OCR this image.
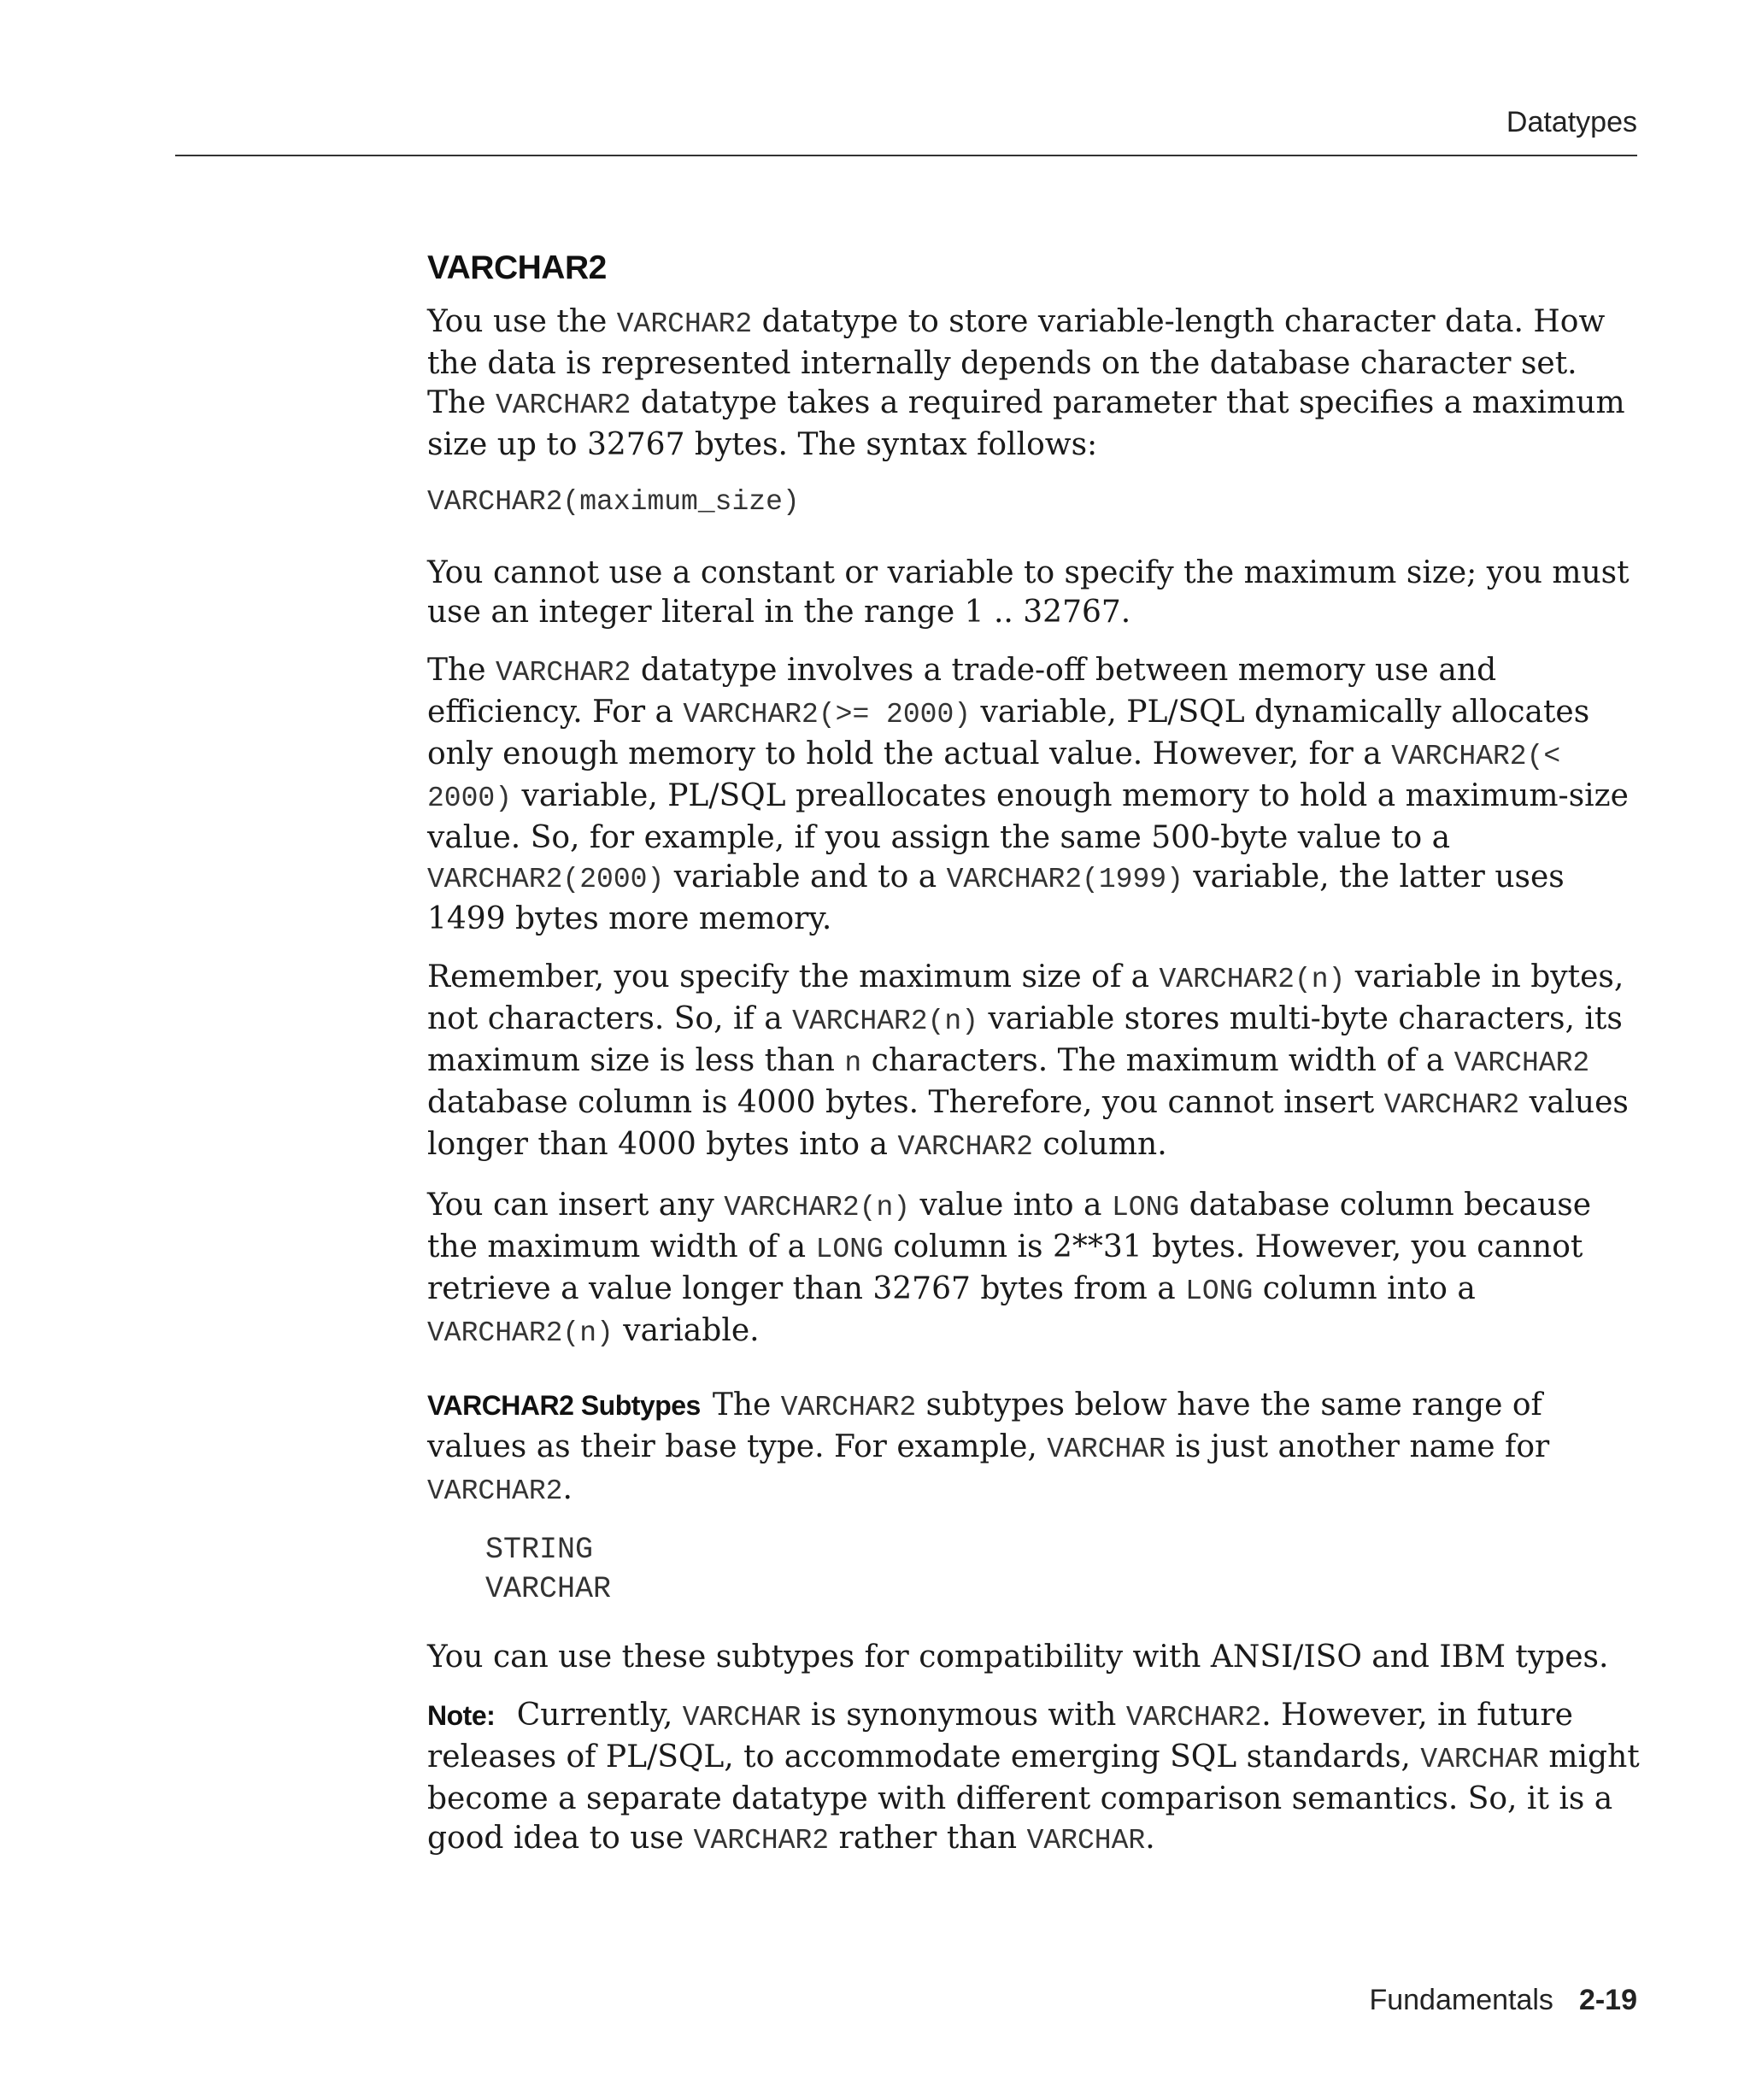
Datatypes
VARCHAR2

You use the VARCHAR2 datatype to store variable-length character data. How the data is represented internally depends on the database character set. The VARCHAR2 datatype takes a required parameter that specifies a maximum size up to 32767 bytes. The syntax follows:

VARCHAR2(maximum_size)

You cannot use a constant or variable to specify the maximum size; you must use an integer literal in the range 1 .. 32767.

The VARCHAR2 datatype involves a trade-off between memory use and efficiency. For a VARCHAR2(>= 2000) variable, PL/SQL dynamically allocates only enough memory to hold the actual value. However, for a VARCHAR2(< 2000) variable, PL/SQL preallocates enough memory to hold a maximum-size value. So, for example, if you assign the same 500-byte value to a VARCHAR2(2000) variable and to a VARCHAR2(1999) variable, the latter uses 1499 bytes more memory.

Remember, you specify the maximum size of a VARCHAR2(n) variable in bytes, not characters. So, if a VARCHAR2(n) variable stores multi-byte characters, its maximum size is less than n characters. The maximum width of a VARCHAR2 database column is 4000 bytes. Therefore, you cannot insert VARCHAR2 values longer than 4000 bytes into a VARCHAR2 column.

You can insert any VARCHAR2(n) value into a LONG database column because the maximum width of a LONG column is 2**31 bytes. However, you cannot retrieve a value longer than 32767 bytes from a LONG column into a VARCHAR2(n) variable.

VARCHAR2 Subtypes The VARCHAR2 subtypes below have the same range of values as their base type. For example, VARCHAR is just another name for VARCHAR2.

STRING
VARCHAR

You can use these subtypes for compatibility with ANSI/ISO and IBM types.

Note: Currently, VARCHAR is synonymous with VARCHAR2. However, in future releases of PL/SQL, to accommodate emerging SQL standards, VARCHAR might become a separate datatype with different comparison semantics. So, it is a good idea to use VARCHAR2 rather than VARCHAR.

Fundamentals 2-19
